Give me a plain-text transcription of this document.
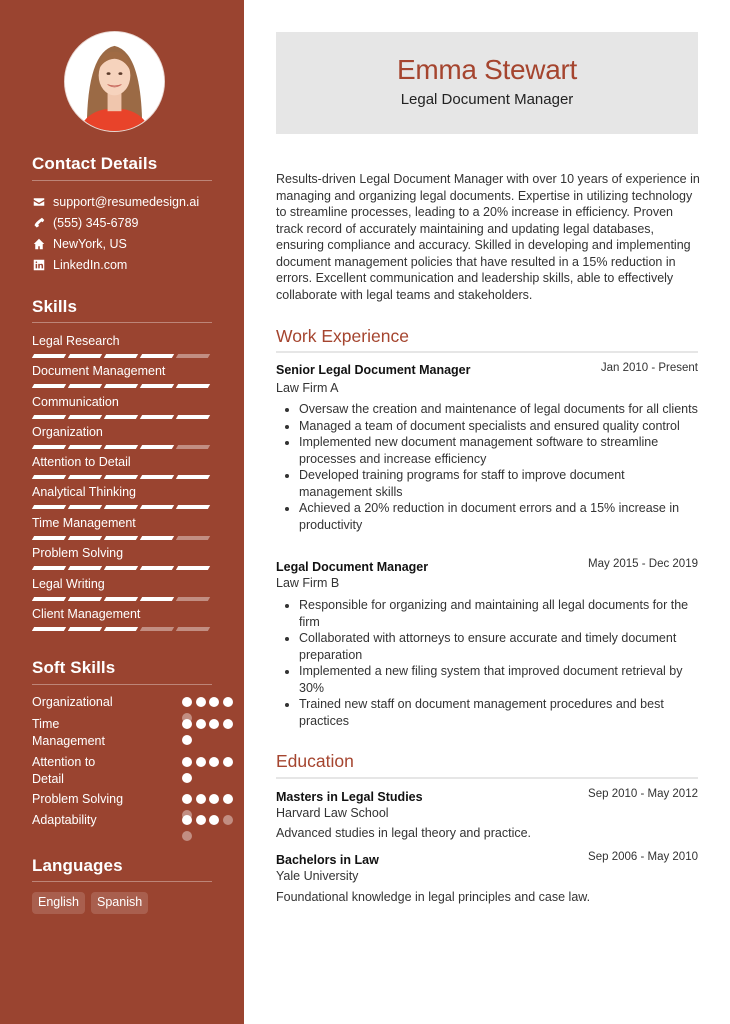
Contact Details
support@resumedesign.ai
(555) 345-6789
NewYork, US
LinkedIn.com
Skills
Legal Research
Document Management
Communication
Organization
Attention to Detail
Analytical Thinking
Time Management
Problem Solving
Legal Writing
Client Management
Soft Skills
Organizational
Time Management
Attention to Detail
Problem Solving
Adaptability
Languages
English	Spanish
Emma Stewart
Legal Document Manager

Results-driven Legal Document Manager with over 10 years of experience in managing and organizing legal documents. Expertise in utilizing technology to streamline processes, leading to a 20% increase in efficiency. Proven track record of accurately maintaining and updating legal databases, ensuring compliance and accuracy. Skilled in developing and implementing document management policies that have resulted in a 15% reduction in errors. Excellent communication and leadership skills, able to effectively collaborate with legal teams and stakeholders.

Work Experience
Senior Legal Document Manager	Jan 2010 - Present
Law Firm A
Oversaw the creation and maintenance of legal documents for all clients
Managed a team of document specialists and ensured quality control
Implemented new document management software to streamline processes and increase efficiency
Developed training programs for staff to improve document management skills
Achieved a 20% reduction in document errors and a 15% increase in productivity
Legal Document Manager	May 2015 - Dec 2019
Law Firm B
Responsible for organizing and maintaining all legal documents for the firm
Collaborated with attorneys to ensure accurate and timely document preparation
Implemented a new filing system that improved document retrieval by 30%
Trained new staff on document management procedures and best practices
Education
Masters in Legal Studies	Sep 2010 - May 2012
Harvard Law School
Advanced studies in legal theory and practice.
Bachelors in Law	Sep 2006 - May 2010
Yale University
Foundational knowledge in legal principles and case law.
